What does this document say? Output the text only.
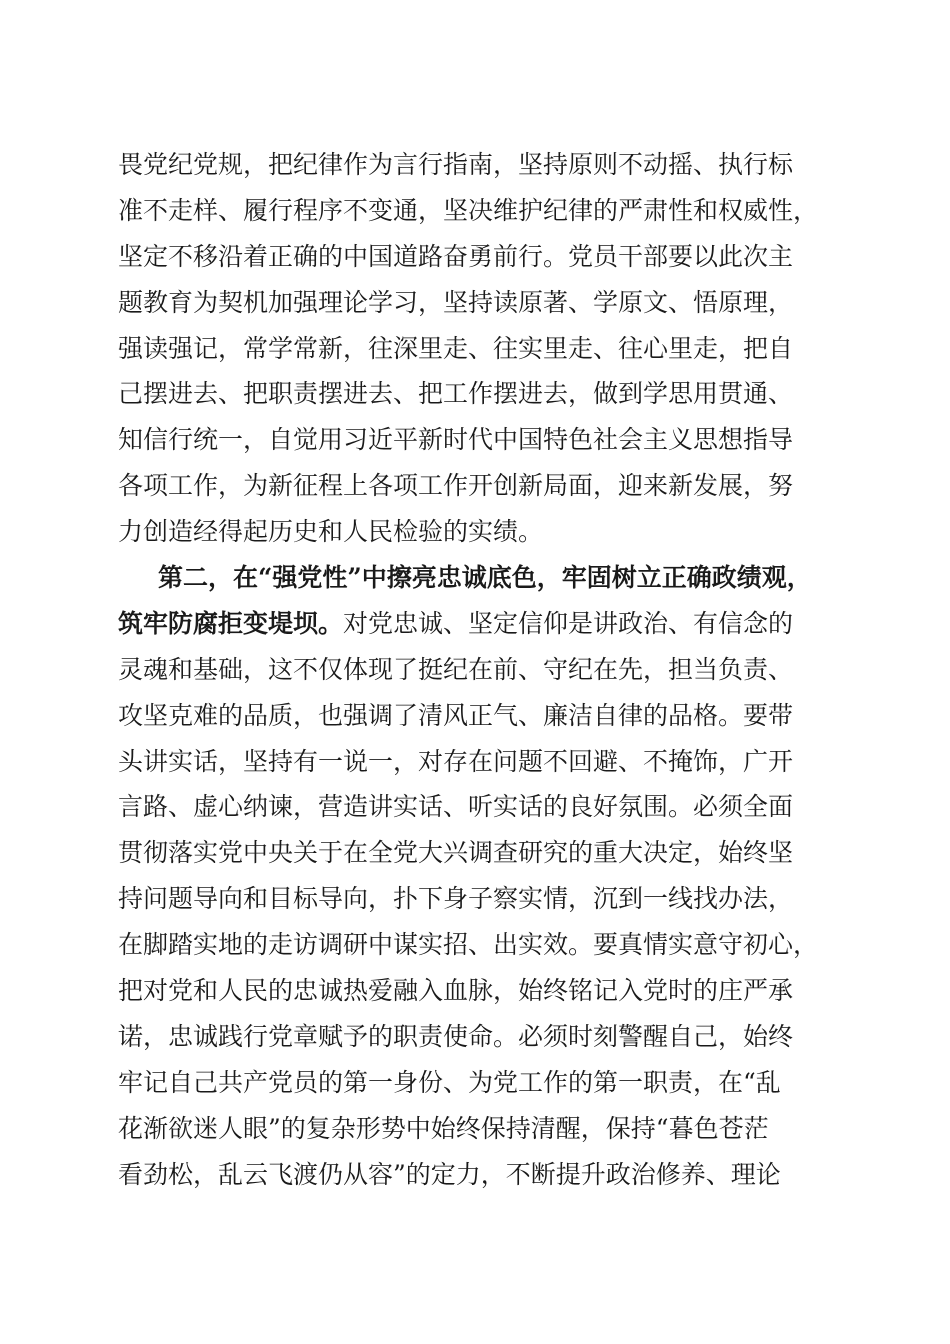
畏党纪党规，把纪律作为言行指南，坚持原则不动摇、执行标
准不走样、履行程序不变通，坚决维护纪律的严肃性和权威性，
坚定不移沿着正确的中国道路奋勇前行。党员干部要以此次主
题教育为契机加强理论学习，坚持读原著、学原文、悟原理，
强读强记，常学常新，往深里走、往实里走、往心里走，把自
己摆进去、把职责摆进去、把工作摆进去，做到学思用贯通、
知信行统一，自觉用习近平新时代中国特色社会主义思想指导
各项工作，为新征程上各项工作开创新局面，迎来新发展，努
力创造经得起历史和人民检验的实绩。
第二，在“强党性”中擦亮忠诚底色，牢固树立正确政绩观，
筑牢防腐拒变堤坝。对党忠诚、坚定信仰是讲政治、有信念的
灵魂和基础，这不仅体现了挺纪在前、守纪在先，担当负责、
攻坚克难的品质，也强调了清风正气、廉洁自律的品格。要带
头讲实话，坚持有一说一，对存在问题不回避、不掩饰，广开
言路、虚心纳谏，营造讲实话、听实话的良好氛围。必须全面
贯彻落实党中央关于在全党大兴调查研究的重大决定，始终坚
持问题导向和目标导向，扑下身子察实情，沉到一线找办法，
在脚踏实地的走访调研中谋实招、出实效。要真情实意守初心，
把对党和人民的忠诚热爱融入血脉，始终铭记入党时的庄严承
诺，忠诚践行党章赋予的职责使命。必须时刻警醒自己，始终
牢记自己共产党员的第一身份、为党工作的第一职责，在“乱
花渐欲迷人眼”的复杂形势中始终保持清醒，保持“暮色苍茫
看劲松，乱云飞渡仍从容”的定力，不断提升政治修养、理论
